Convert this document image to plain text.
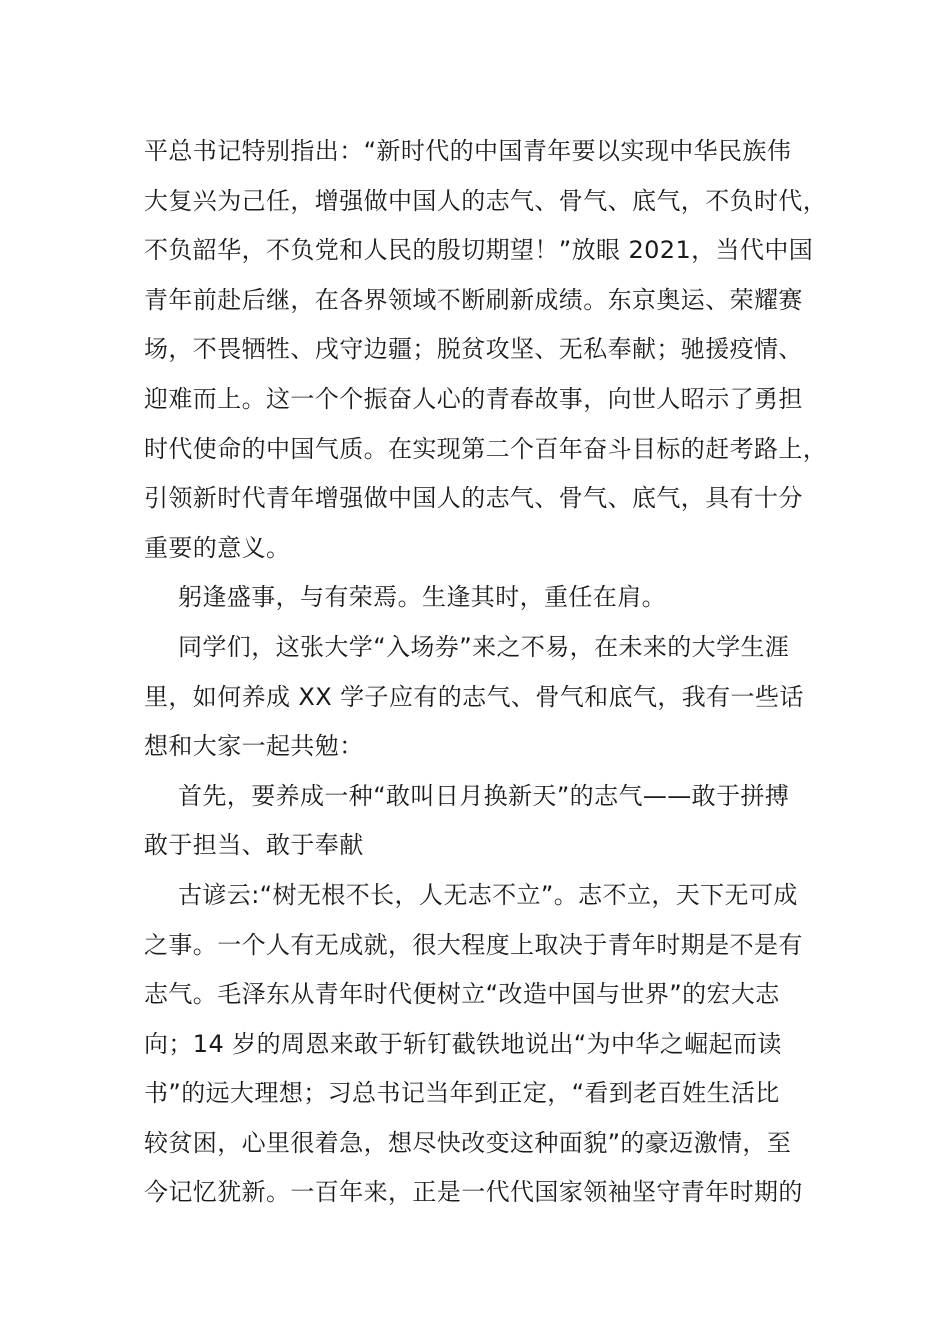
平总书记特别指出：“新时代的中国青年要以实现中华民族伟
大复兴为己任，增强做中国人的志气、骨气、底气，不负时代，
不负韶华，不负党和人民的殷切期望！”放眼 2021，当代中国
青年前赴后继，在各界领域不断刷新成绩。东京奥运、荣耀赛
场，不畏牺牲、戌守边疆；脱贫攻坚、无私奉献；驰援疫情、
迎难而上。这一个个振奋人心的青春故事，向世人昭示了勇担
时代使命的中国气质。在实现第二个百年奋斗目标的赶考路上，
引领新时代青年增强做中国人的志气、骨气、底气，具有十分
重要的意义。

躬逢盛事，与有荣焉。生逢其时，重任在肩。

同学们，这张大学“入场券”来之不易，在未来的大学生涯
里，如何养成 XX 学子应有的志气、骨气和底气，我有一些话
想和大家一起共勉：

首先，要养成一种“敢叫日月换新天”的志气——敢于拼搏
敢于担当、敢于奉献

古谚云:“树无根不长，人无志不立”。志不立，天下无可成
之事。一个人有无成就，很大程度上取决于青年时期是不是有
志气。毛泽东从青年时代便树立“改造中国与世界”的宏大志
向；14 岁的周恩来敢于斩钉截铁地说出“为中华之崛起而读
书”的远大理想；习总书记当年到正定，“看到老百姓生活比
较贫困，心里很着急，想尽快改变这种面貌”的豪迈激情，至
今记忆犹新。一百年来，正是一代代国家领袖坚守青年时期的
